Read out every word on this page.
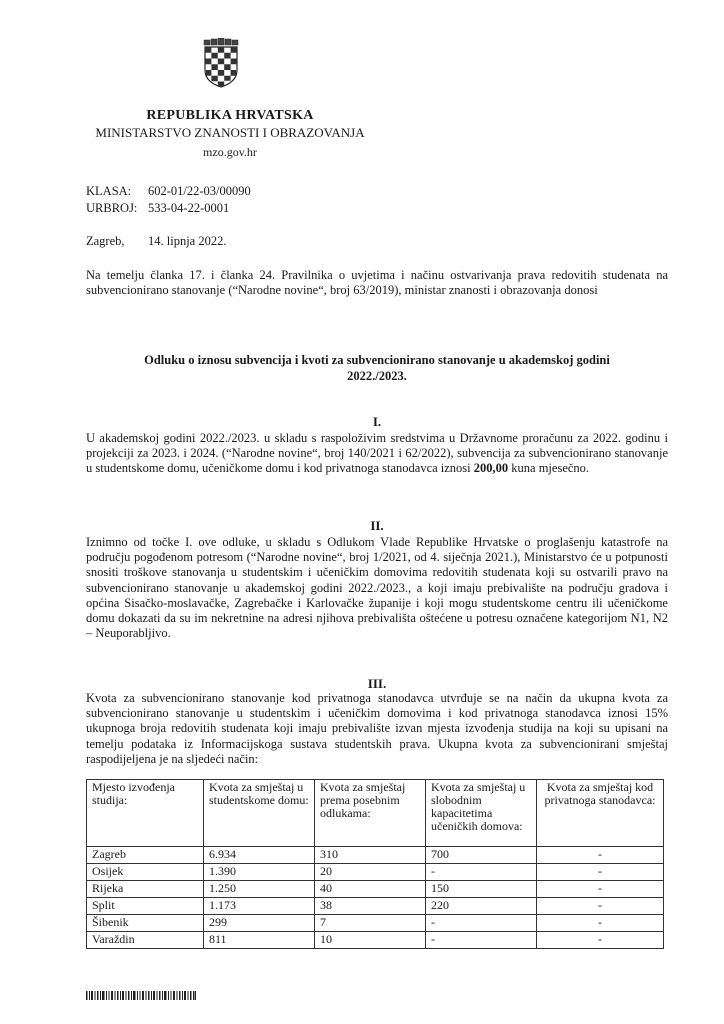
REPUBLIKA HRVATSKA
MINISTARSTVO ZNANOSTI I OBRAZOVANJA
mzo.gov.hr
KLASA: 602-01/22-03/00090
URBROJ: 533-04-22-0001
Zagreb, 14. lipnja 2022.
Na temelju članka 17. i članka 24. Pravilnika o uvjetima i načinu ostvarivanja prava redovitih studenata na subvencionirano stanovanje (“Narodne novine“, broj 63/2019), ministar znanosti i obrazovanja donosi
Odluku o iznosu subvencija i kvoti za subvencionirano stanovanje u akademskoj godini 2022./2023.
I.
U akademskoj godini 2022./2023. u skladu s raspoloživim sredstvima u Državnome proračunu za 2022. godinu i projekciji za 2023. i 2024. (“Narodne novine“, broj 140/2021 i 62/2022), subvencija za subvencionirano stanovanje u studentskome domu, učeničkome domu i kod privatnoga stanodavca iznosi 200,00 kuna mjesečno.
II.
Iznimno od točke I. ove odluke, u skladu s Odlukom Vlade Republike Hrvatske o proglašenju katastrofe na području pogođenom potresom (“Narodne novine“, broj 1/2021, od 4. siječnja 2021.), Ministarstvo će u potpunosti snositi troškove stanovanja u studentskim i učeničkim domovima redovitih studenata koji su ostvarili pravo na subvencionirano stanovanje u akademskoj godini 2022./2023., a koji imaju prebivalište na području gradova i općina Sisačko-moslavačke, Zagrebačke i Karlovačke županije i koji mogu studentskome centru ili učeničkome domu dokazati da su im nekretnine na adresi njihova prebivališta oštećene u potresu označene kategorijom N1, N2 – Neuporabljivo.
III.
Kvota za subvencionirano stanovanje kod privatnoga stanodavca utvrđuje se na način da ukupna kvota za subvencionirano stanovanje u studentskim i učeničkim domovima i kod privatnoga stanodavca iznosi 15% ukupnoga broja redovitih studenata koji imaju prebivalište izvan mjesta izvođenja studija na koji su upisani na temelju podataka iz Informacijskoga sustava studentskih prava. Ukupna kvota za subvencionirani smještaj raspodijeljena je na sljedeći način:
Mjesto izvođenja studija:	Kvota za smještaj u studentskome domu:	Kvota za smještaj prema posebnim odlukama:	Kvota za smještaj u slobodnim kapacitetima učeničkih domova:	Kvota za smještaj kod privatnoga stanodavca:
Zagreb	6.934	310	700	-
Osijek	1.390	20	-	-
Rijeka	1.250	40	150	-
Split	1.173	38	220	-
Šibenik	299	7	-	-
Varaždin	811	10	-	-
